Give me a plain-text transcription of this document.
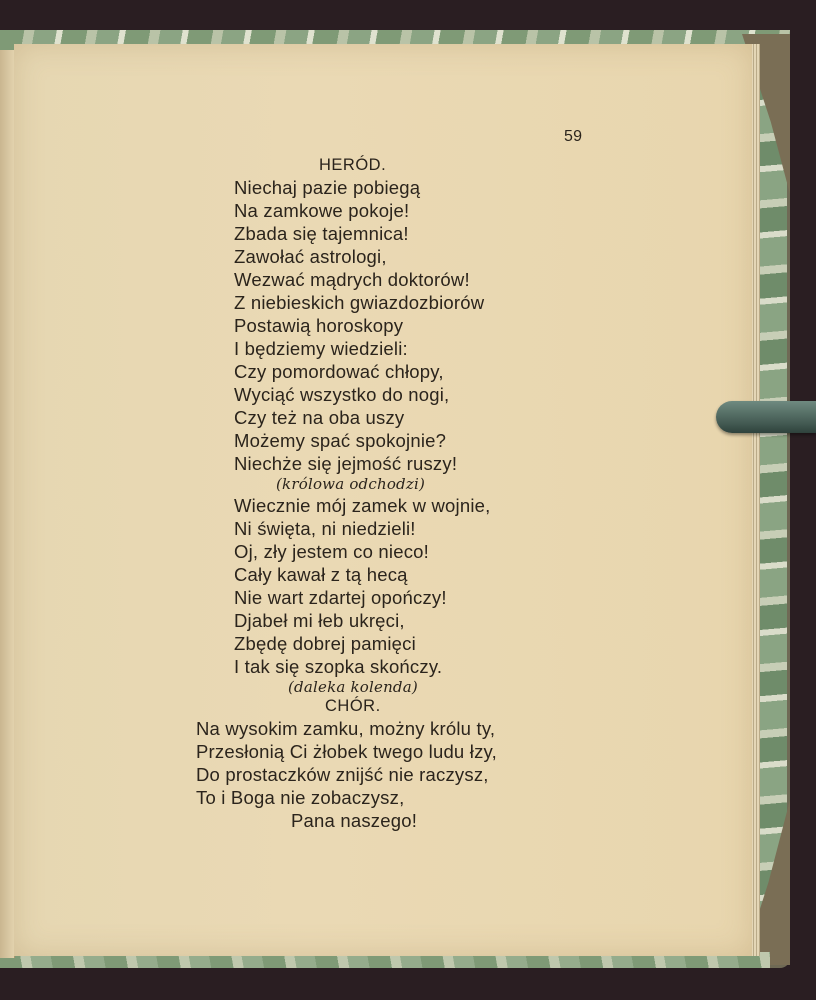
59
HERÓD.
Niechaj pazie pobiegą
Na zamkowe pokoje!
Zbada się tajemnica!
Zawołać astrologi,
Wezwać mądrych doktorów!
Z niebieskich gwiazdozbiorów
Postawią horoskopy
I będziemy wiedzieli:
Czy pomordować chłopy,
Wyciąć wszystko do nogi,
Czy też na oba uszy
Możemy spać spokojnie?
Niechże się jejmość ruszy!
(królowa odchodzi)
Wiecznie mój zamek w wojnie,
Ni święta, ni niedzieli!
Oj, zły jestem co nieco!
Cały kawał z tą hecą
Nie wart zdartej opończy!
Djabeł mi łeb ukręci,
Zbędę dobrej pamięci
I tak się szopka skończy.
(daleka kolenda)
CHÓR.
Na wysokim zamku, możny królu ty,
Przesłonią Ci żłobek twego ludu łzy,
Do prostaczków znijść nie raczysz,
To i Boga nie zobaczysz,
Pana naszego!
